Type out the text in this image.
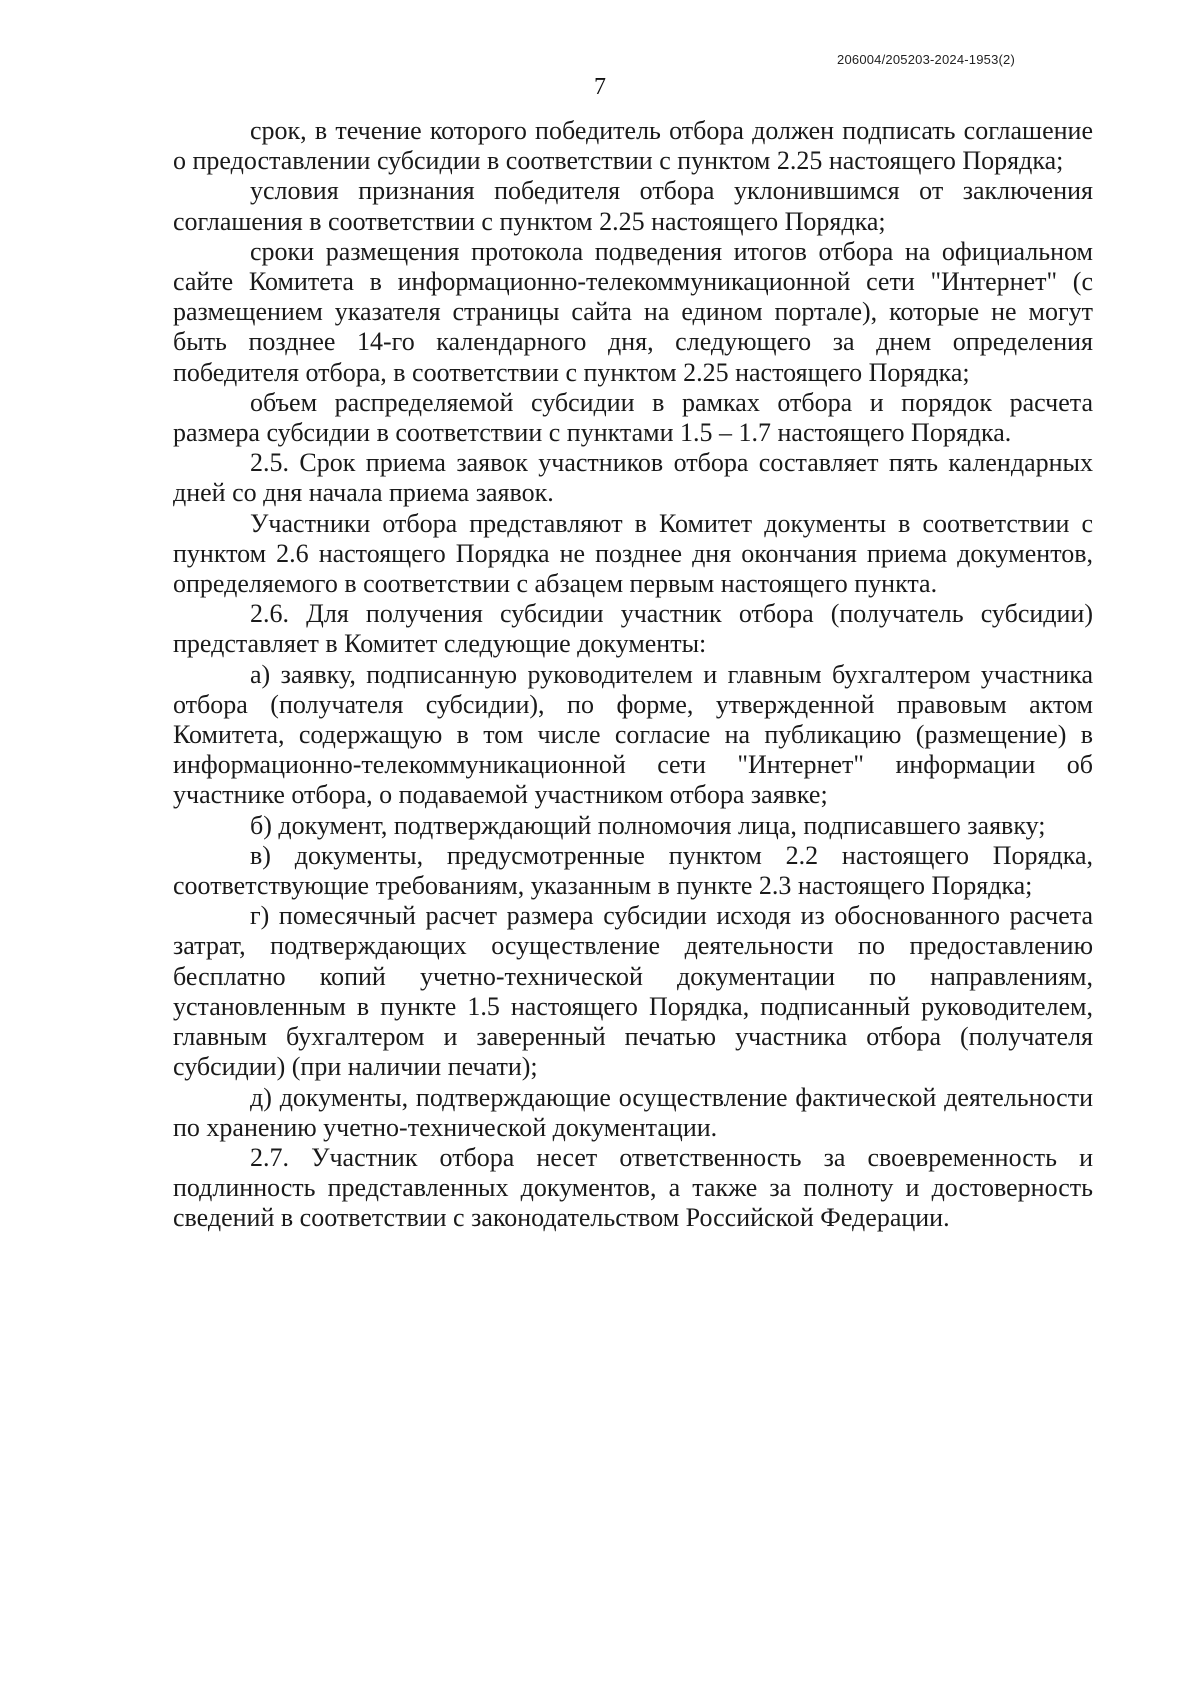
206004/205203-2024-1953(2)
7

срок, в течение которого победитель отбора должен подписать соглашение о предоставлении субсидии в соответствии с пунктом 2.25 настоящего Порядка;

условия признания победителя отбора уклонившимся от заключения соглашения в соответствии с пунктом 2.25 настоящего Порядка;

сроки размещения протокола подведения итогов отбора на официальном сайте Комитета в информационно-телекоммуникационной сети "Интернет" (с размещением указателя страницы сайта на едином портале), которые не могут быть позднее 14-го календарного дня, следующего за днем определения победителя отбора, в соответствии с пунктом 2.25 настоящего Порядка;

объем распределяемой субсидии в рамках отбора и порядок расчета размера субсидии в соответствии с пунктами 1.5 – 1.7 настоящего Порядка.

2.5. Срок приема заявок участников отбора составляет пять календарных дней со дня начала приема заявок.

Участники отбора представляют в Комитет документы в соответствии с пунктом 2.6 настоящего Порядка не позднее дня окончания приема документов, определяемого в соответствии с абзацем первым настоящего пункта.

2.6. Для получения субсидии участник отбора (получатель субсидии) представляет в Комитет следующие документы:

а) заявку, подписанную руководителем и главным бухгалтером участника отбора (получателя субсидии), по форме, утвержденной правовым актом Комитета, содержащую в том числе согласие на публикацию (размещение) в информационно-телекоммуникационной сети "Интернет" информации об участнике отбора, о подаваемой участником отбора заявке;

б) документ, подтверждающий полномочия лица, подписавшего заявку;

в) документы, предусмотренные пунктом 2.2 настоящего Порядка, соответствующие требованиям, указанным в пункте 2.3 настоящего Порядка;

г) помесячный расчет размера субсидии исходя из обоснованного расчета затрат, подтверждающих осуществление деятельности по предоставлению бесплатно копий учетно-технической документации по направлениям, установленным в пункте 1.5 настоящего Порядка, подписанный руководителем, главным бухгалтером и заверенный печатью участника отбора (получателя субсидии) (при наличии печати);

д) документы, подтверждающие осуществление фактической деятельности по хранению учетно-технической документации.

2.7. Участник отбора несет ответственность за своевременность и подлинность представленных документов, а также за полноту и достоверность сведений в соответствии с законодательством Российской Федерации.
